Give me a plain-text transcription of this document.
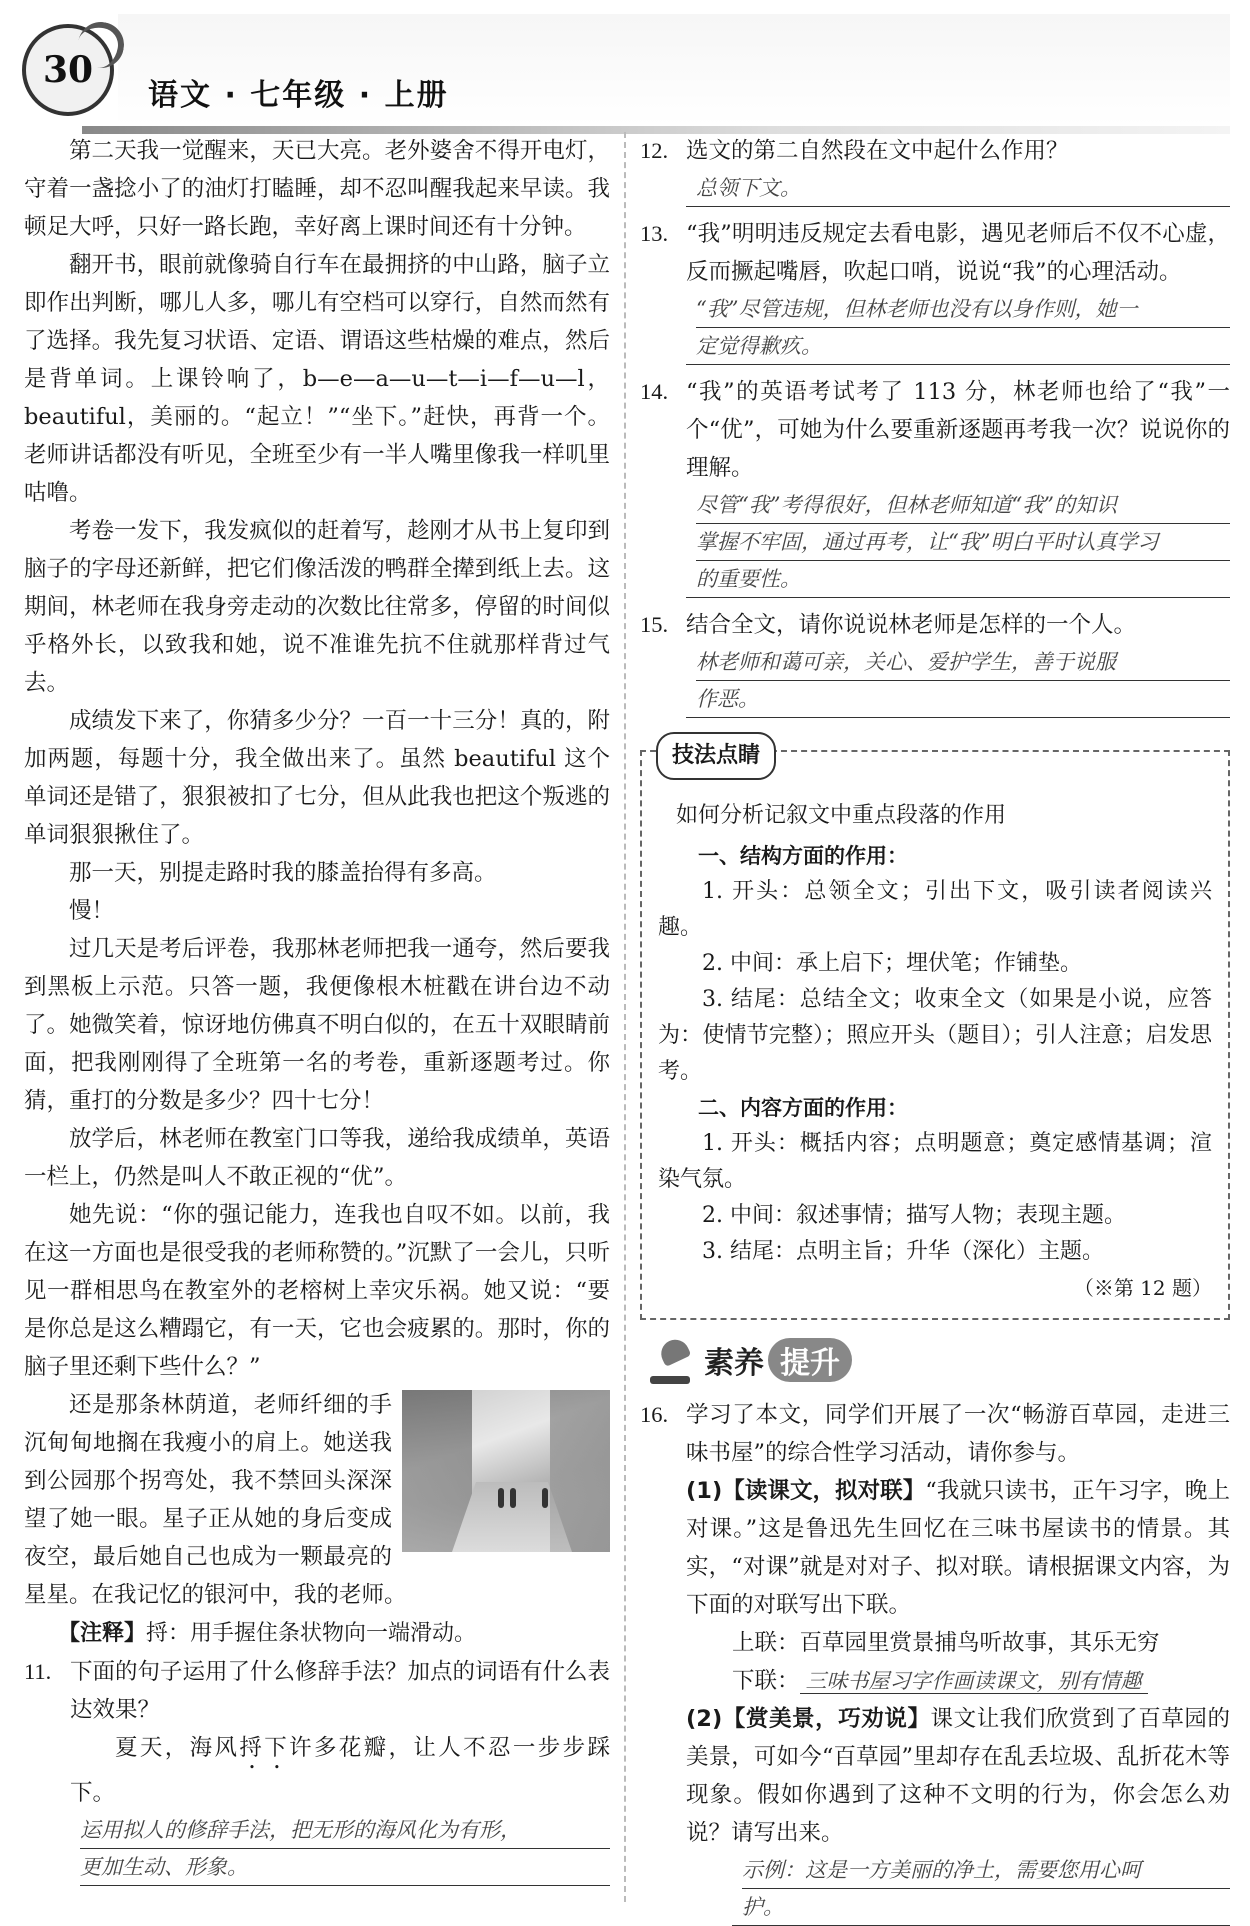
30
语文 · 七年级 · 上册

第二天我一觉醒来，天已大亮。老外婆舍不得开电灯，守着一盏捻小了的油灯打瞌睡，却不忍叫醒我起来早读。我顿足大呼，只好一路长跑，幸好离上课时间还有十分钟。

翻开书，眼前就像骑自行车在最拥挤的中山路，脑子立即作出判断，哪儿人多，哪儿有空档可以穿行，自然而然有了选择。我先复习状语、定语、谓语这些枯燥的难点，然后是背单词。上课铃响了，b—e—a—u—t—i—f—u—l，beautiful，美丽的。“起立！”“坐下。”赶快，再背一个。老师讲话都没有听见，全班至少有一半人嘴里像我一样叽里咕噜。

考卷一发下，我发疯似的赶着写，趁刚才从书上复印到脑子的字母还新鲜，把它们像活泼的鸭群全撵到纸上去。这期间，林老师在我身旁走动的次数比往常多，停留的时间似乎格外长，以致我和她，说不准谁先抗不住就那样背过气去。

成绩发下来了，你猜多少分？一百一十三分！真的，附加两题，每题十分，我全做出来了。虽然 beautiful 这个单词还是错了，狠狠被扣了七分，但从此我也把这个叛逃的单词狠狠揪住了。

那一天，别提走路时我的膝盖抬得有多高。

慢！

过几天是考后评卷，我那林老师把我一通夸，然后要我到黑板上示范。只答一题，我便像根木桩戳在讲台边不动了。她微笑着，惊讶地仿佛真不明白似的，在五十双眼睛前面，把我刚刚得了全班第一名的考卷，重新逐题考过。你猜，重打的分数是多少？四十七分！

放学后，林老师在教室门口等我，递给我成绩单，英语一栏上，仍然是叫人不敢正视的“优”。

她先说：“你的强记能力，连我也自叹不如。以前，我在这一方面也是很受我的老师称赞的。”沉默了一会儿，只听见一群相思鸟在教室外的老榕树上幸灾乐祸。她又说：“要是你总是这么糟蹋它，有一天，它也会疲累的。那时，你的脑子里还剩下些什么？”

还是那条林荫道，老师纤细的手沉甸甸地搁在我瘦小的肩上。她送我到公园那个拐弯处，我不禁回头深深望了她一眼。星子正从她的身后变成夜空，最后她自己也成为一颗最亮的星星。在我记忆的银河中，我的老师。

【注释】捋：用手握住条状物向一端滑动。
11. 下面的句子运用了什么修辞手法？加点的词语有什么表达效果？

夏天，海风捋下许多花瓣，让人不忍一步步踩下。

运用拟人的修辞手法，把无形的海风化为有形，
更加生动、形象。
12. 选文的第二自然段在文中起什么作用？
总领下文。
13. “我”明明违反规定去看电影，遇见老师后不仅不心虚，反而撅起嘴唇，吹起口哨，说说“我”的心理活动。
“我”尽管违规，但林老师也没有以身作则，她一
定觉得歉疚。
14. “我”的英语考试考了 113 分，林老师也给了“我”一个“优”，可她为什么要重新逐题再考我一次？说说你的理解。
尽管“我”考得很好，但林老师知道“我”的知识
掌握不牢固，通过再考，让“我”明白平时认真学习
的重要性。
15. 结合全文，请你说说林老师是怎样的一个人。
林老师和蔼可亲，关心、爱护学生，善于说服
作恶。
技法点睛
如何分析记叙文中重点段落的作用
一、结构方面的作用：
1. 开头：总领全文；引出下文，吸引读者阅读兴趣。
2. 中间：承上启下；埋伏笔；作铺垫。
3. 结尾：总结全文；收束全文（如果是小说，应答为：使情节完整）；照应开头（题目）；引人注意；启发思考。
二、内容方面的作用：
1. 开头：概括内容；点明题意；奠定感情基调；渲染气氛。
2. 中间：叙述事情；描写人物；表现主题。
3. 结尾：点明主旨；升华（深化）主题。
（※第 12 题）
素养 提升
16. 学习了本文，同学们开展了一次“畅游百草园，走进三味书屋”的综合性学习活动，请你参与。
(1)【读课文，拟对联】“我就只读书，正午习字，晚上对课。”这是鲁迅先生回忆在三味书屋读书的情景。其实，“对课”就是对对子、拟对联。请根据课文内容，为下面的对联写出下联。
上联：百草园里赏景捕鸟听故事，其乐无穷
下联： 三味书屋习字作画读课文，别有情趣
(2)【赏美景，巧劝说】课文让我们欣赏到了百草园的美景，可如今“百草园”里却存在乱丢垃圾、乱折花木等现象。假如你遇到了这种不文明的行为，你会怎么劝说？请写出来。
示例：这是一方美丽的净土，需要您用心呵
护。
